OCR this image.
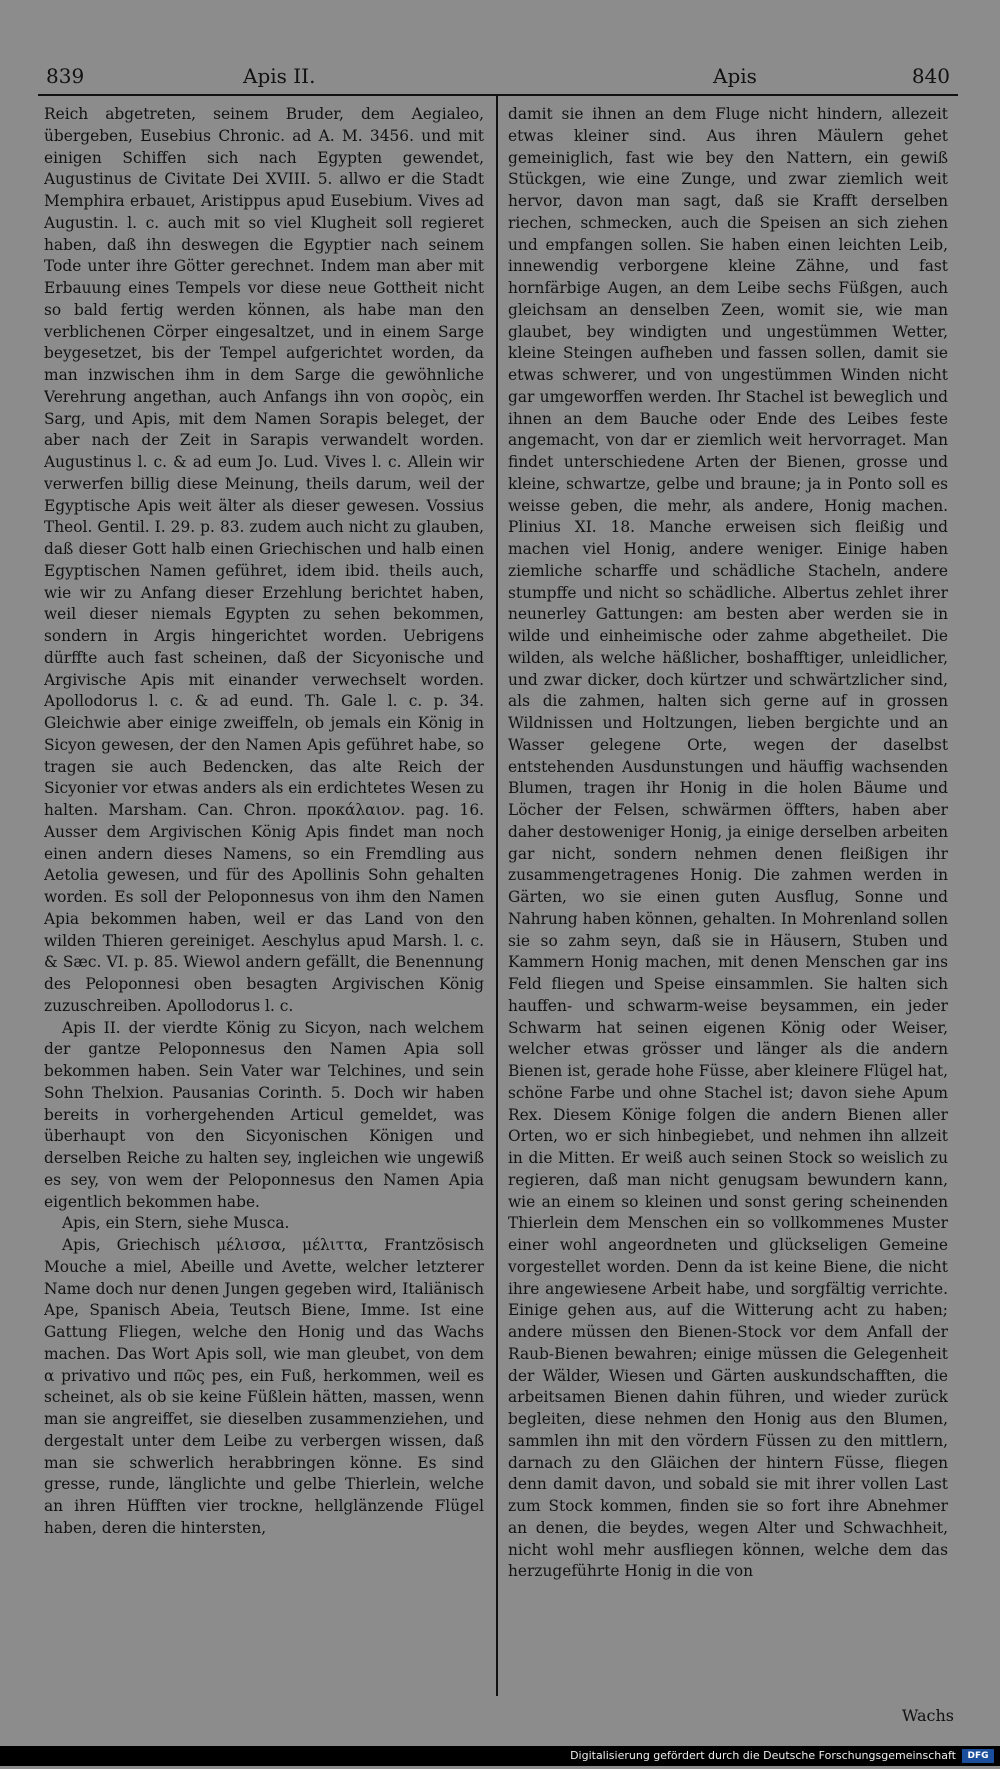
839	Apis II.	Apis	840

Reich abgetreten, seinem Bruder, dem Aegialeo, übergeben, Eusebius Chronic. ad A. M. 3456. und mit einigen Schiffen sich nach Egypten gewendet, Augustinus de Civitate Dei XVIII. 5. allwo er die Stadt Memphira erbauet, Aristippus apud Eusebium. Vives ad Augustin. l. c. auch mit so viel Klugheit soll regieret haben, daß ihn deswegen die Egyptier nach seinem Tode unter ihre Götter gerechnet. Indem man aber mit Erbauung eines Tempels vor diese neue Gottheit nicht so bald fertig werden können, als habe man den verblichenen Cörper eingesaltzet, und in einem Sarge beygesetzet, bis der Tempel aufgerichtet worden, da man inzwischen ihm in dem Sarge die gewöhnliche Verehrung angethan, auch Anfangs ihn von σορὸς, ein Sarg, und Apis, mit dem Namen Sorapis beleget, der aber nach der Zeit in Sarapis verwandelt worden. Augustinus l. c. & ad eum Jo. Lud. Vives l. c. Allein wir verwerfen billig diese Meinung, theils darum, weil der Egyptische Apis weit älter als dieser gewesen. Vossius Theol. Gentil. I. 29. p. 83. zudem auch nicht zu glauben, daß dieser Gott halb einen Griechischen und halb einen Egyptischen Namen geführet, idem ibid. theils auch, wie wir zu Anfang dieser Erzehlung berichtet haben, weil dieser niemals Egypten zu sehen bekommen, sondern in Argis hingerichtet worden. Uebrigens dürffte auch fast scheinen, daß der Sicyonische und Argivische Apis mit einander verwechselt worden. Apollodorus l. c. & ad eund. Th. Gale l. c. p. 34. Gleichwie aber einige zweiffeln, ob jemals ein König in Sicyon gewesen, der den Namen Apis geführet habe, so tragen sie auch Bedencken, das alte Reich der Sicyonier vor etwas anders als ein erdichtetes Wesen zu halten. Marsham. Can. Chron. προκάλαιον. pag. 16. Ausser dem Argivischen König Apis findet man noch einen andern dieses Namens, so ein Fremdling aus Aetolia gewesen, und für des Apollinis Sohn gehalten worden. Es soll der Peloponnesus von ihm den Namen Apia bekommen haben, weil er das Land von den wilden Thieren gereiniget. Aeschylus apud Marsh. l. c. & Sæc. VI. p. 85. Wiewol andern gefällt, die Benennung des Peloponnesi oben besagten Argivischen König zuzuschreiben. Apollodorus l. c.

Apis II. der vierdte König zu Sicyon, nach welchem der gantze Peloponnesus den Namen Apia soll bekommen haben. Sein Vater war Telchines, und sein Sohn Thelxion. Pausanias Corinth. 5. Doch wir haben bereits in vorhergehenden Articul gemeldet, was überhaupt von den Sicyonischen Königen und derselben Reiche zu halten sey, ingleichen wie ungewiß es sey, von wem der Peloponnesus den Namen Apia eigentlich bekommen habe.

Apis, ein Stern, siehe Musca.

Apis, Griechisch μέλισσα, μέλιττα, Frantzösisch Mouche a miel, Abeille und Avette, welcher letzterer Name doch nur denen Jungen gegeben wird, Italiänisch Ape, Spanisch Abeia, Teutsch Biene, Imme. Ist eine Gattung Fliegen, welche den Honig und das Wachs machen. Das Wort Apis soll, wie man gleubet, von dem α privativo und πῶς pes, ein Fuß, herkommen, weil es scheinet, als ob sie keine Füßlein hätten, massen, wenn man sie angreiffet, sie dieselben zusammenziehen, und dergestalt unter dem Leibe zu verbergen wissen, daß man sie schwerlich herabbringen könne. Es sind gresse, runde, länglichte und gelbe Thierlein, welche an ihren Hüfften vier trockne, hellglänzende Flügel haben, deren die hintersten,

damit sie ihnen an dem Fluge nicht hindern, allezeit etwas kleiner sind. Aus ihren Mäulern gehet gemeiniglich, fast wie bey den Nattern, ein gewiß Stückgen, wie eine Zunge, und zwar ziemlich weit hervor, davon man sagt, daß sie Krafft derselben riechen, schmecken, auch die Speisen an sich ziehen und empfangen sollen. Sie haben einen leichten Leib, innewendig verborgene kleine Zähne, und fast hornfärbige Augen, an dem Leibe sechs Füßgen, auch gleichsam an denselben Zeen, womit sie, wie man glaubet, bey windigten und ungestümmen Wetter, kleine Steingen aufheben und fassen sollen, damit sie etwas schwerer, und von ungestümmen Winden nicht gar umgeworffen werden. Ihr Stachel ist beweglich und ihnen an dem Bauche oder Ende des Leibes feste angemacht, von dar er ziemlich weit hervorraget. Man findet unterschiedene Arten der Bienen, grosse und kleine, schwartze, gelbe und braune; ja in Ponto soll es weisse geben, die mehr, als andere, Honig machen. Plinius XI. 18. Manche erweisen sich fleißig und machen viel Honig, andere weniger. Einige haben ziemliche scharffe und schädliche Stacheln, andere stumpffe und nicht so schädliche. Albertus zehlet ihrer neunerley Gattungen: am besten aber werden sie in wilde und einheimische oder zahme abgetheilet. Die wilden, als welche häßlicher, boshafftiger, unleidlicher, und zwar dicker, doch kürtzer und schwärtzlicher sind, als die zahmen, halten sich gerne auf in grossen Wildnissen und Holtzungen, lieben bergichte und an Wasser gelegene Orte, wegen der daselbst entstehenden Ausdunstungen und häuffig wachsenden Blumen, tragen ihr Honig in die holen Bäume und Löcher der Felsen, schwärmen öffters, haben aber daher destoweniger Honig, ja einige derselben arbeiten gar nicht, sondern nehmen denen fleißigen ihr zusammengetragenes Honig. Die zahmen werden in Gärten, wo sie einen guten Ausflug, Sonne und Nahrung haben können, gehalten. In Mohrenland sollen sie so zahm seyn, daß sie in Häusern, Stuben und Kammern Honig machen, mit denen Menschen gar ins Feld fliegen und Speise einsammlen. Sie halten sich hauffen- und schwarm-weise beysammen, ein jeder Schwarm hat seinen eigenen König oder Weiser, welcher etwas grösser und länger als die andern Bienen ist, gerade hohe Füsse, aber kleinere Flügel hat, schöne Farbe und ohne Stachel ist; davon siehe Apum Rex. Diesem Könige folgen die andern Bienen aller Orten, wo er sich hinbegiebet, und nehmen ihn allzeit in die Mitten. Er weiß auch seinen Stock so weislich zu regieren, daß man nicht genugsam bewundern kann, wie an einem so kleinen und sonst gering scheinenden Thierlein dem Menschen ein so vollkommenes Muster einer wohl angeordneten und glückseligen Gemeine vorgestellet worden. Denn da ist keine Biene, die nicht ihre angewiesene Arbeit habe, und sorgfältig verrichte. Einige gehen aus, auf die Witterung acht zu haben; andere müssen den Bienen-Stock vor dem Anfall der Raub-Bienen bewahren; einige müssen die Gelegenheit der Wälder, Wiesen und Gärten auskundschafften, die arbeitsamen Bienen dahin führen, und wieder zurück begleiten, diese nehmen den Honig aus den Blumen, sammlen ihn mit den vördern Füssen zu den mittlern, darnach zu den Gläichen der hintern Füsse, fliegen denn damit davon, und sobald sie mit ihrer vollen Last zum Stock kommen, finden sie so fort ihre Abnehmer an denen, die beydes, wegen Alter und Schwachheit, nicht wohl mehr ausfliegen können, welche dem das herzugeführte Honig in die von

Wachs
Digitalisierung gefördert durch die Deutsche Forschungsgemeinschaft	DFG
